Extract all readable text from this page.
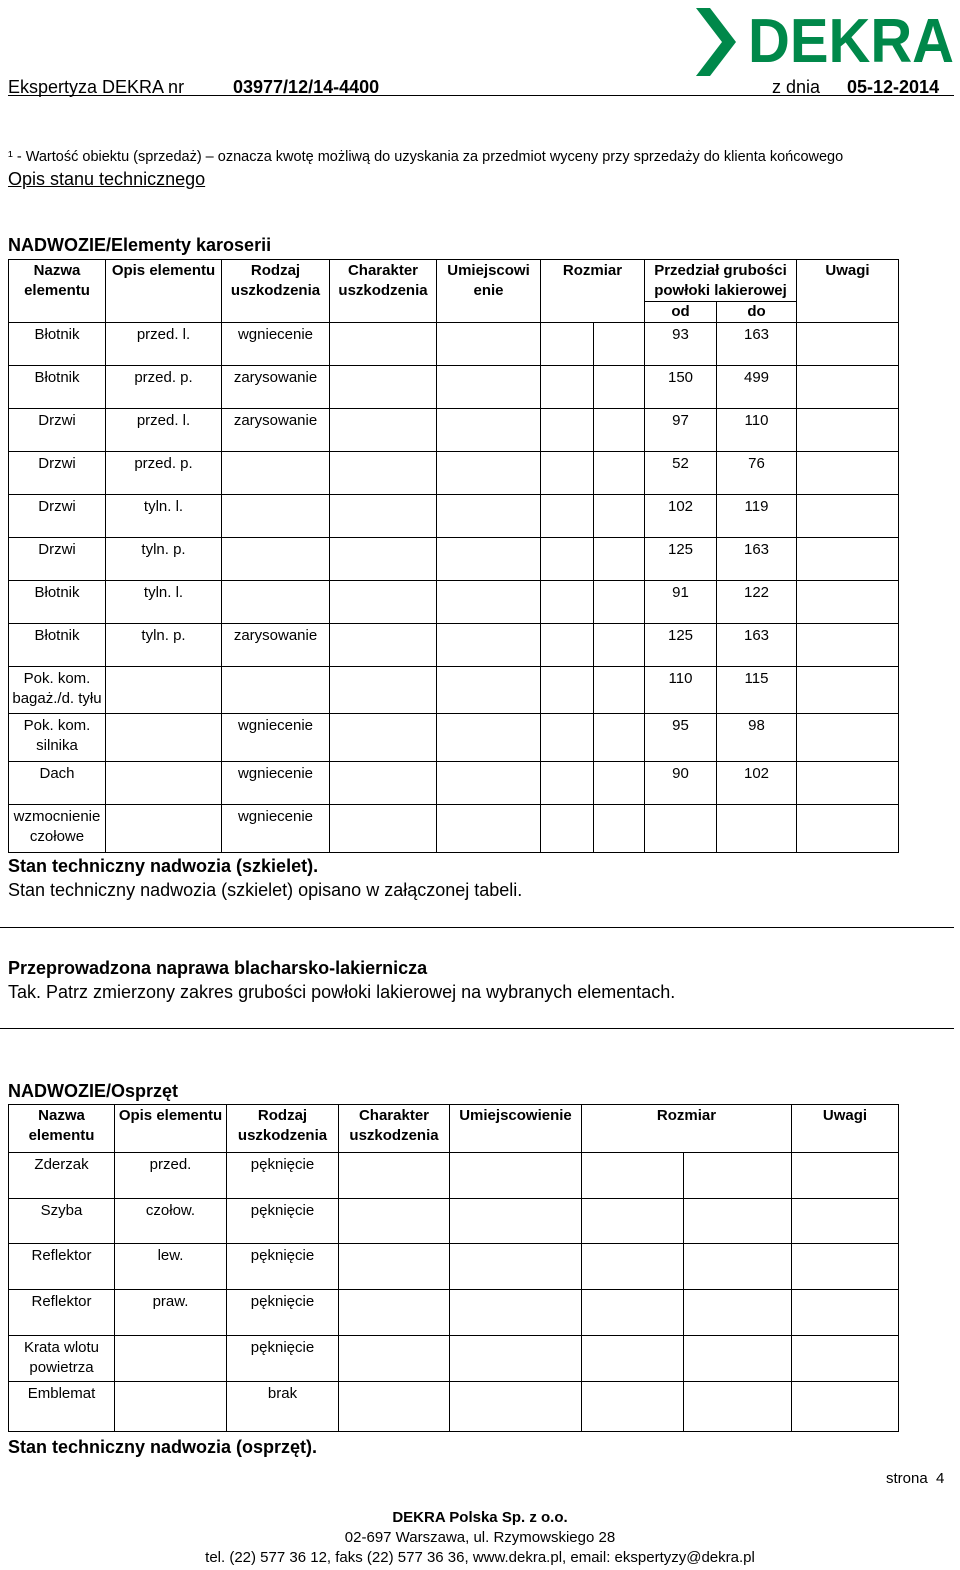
Ekspertyza DEKRA nr	03977/12/14-4400	z dnia 05-12-2014
DEKRA
¹ - Wartość obiektu (sprzedaż) – oznacza kwotę możliwą do uzyskania za przedmiot wyceny przy sprzedaży do klienta końcowego
Opis stanu technicznego
NADWOZIE/Elementy karoserii
Nazwa elementu	Opis elementu	Rodzaj uszkodzenia	Charakter uszkodzenia	Umiejscowi enie	Rozmiar		Przedział grubości powłoki lakierowej		Uwagi
							od	do	
Błotnik	przed. l.	wgniecenie					93	163	
Błotnik	przed. p.	zarysowanie					150	499	
Drzwi	przed. l.	zarysowanie					97	110	
Drzwi	przed. p.						52	76	
Drzwi	tyln. l.						102	119	
Drzwi	tyln. p.						125	163	
Błotnik	tyln. l.						91	122	
Błotnik	tyln. p.	zarysowanie					125	163	
Pok. kom. bagaż./d. tyłu							110	115	
Pok. kom. silnika		wgniecenie					95	98	
Dach		wgniecenie					90	102	
wzmocnienie czołowe		wgniecenie							
Stan techniczny nadwozia (szkielet).
Stan techniczny nadwozia (szkielet) opisano w załączonej tabeli.
Przeprowadzona naprawa blacharsko-lakiernicza
Tak. Patrz zmierzony zakres grubości powłoki lakierowej na wybranych elementach.
NADWOZIE/Osprzęt
Nazwa elementu	Opis elementu	Rodzaj uszkodzenia	Charakter uszkodzenia	Umiejscowienie	Rozmiar		Uwagi
Zderzak	przed.	pęknięcie					
Szyba	czołow.	pęknięcie					
Reflektor	lew.	pęknięcie					
Reflektor	praw.	pęknięcie					
Krata wlotu powietrza		pęknięcie					
Emblemat		brak					
Stan techniczny nadwozia (osprzęt).
strona 4
DEKRA Polska Sp. z o.o.
02-697 Warszawa, ul. Rzymowskiego 28
tel. (22) 577 36 12, faks (22) 577 36 36, www.dekra.pl, email: ekspertyzy@dekra.pl
